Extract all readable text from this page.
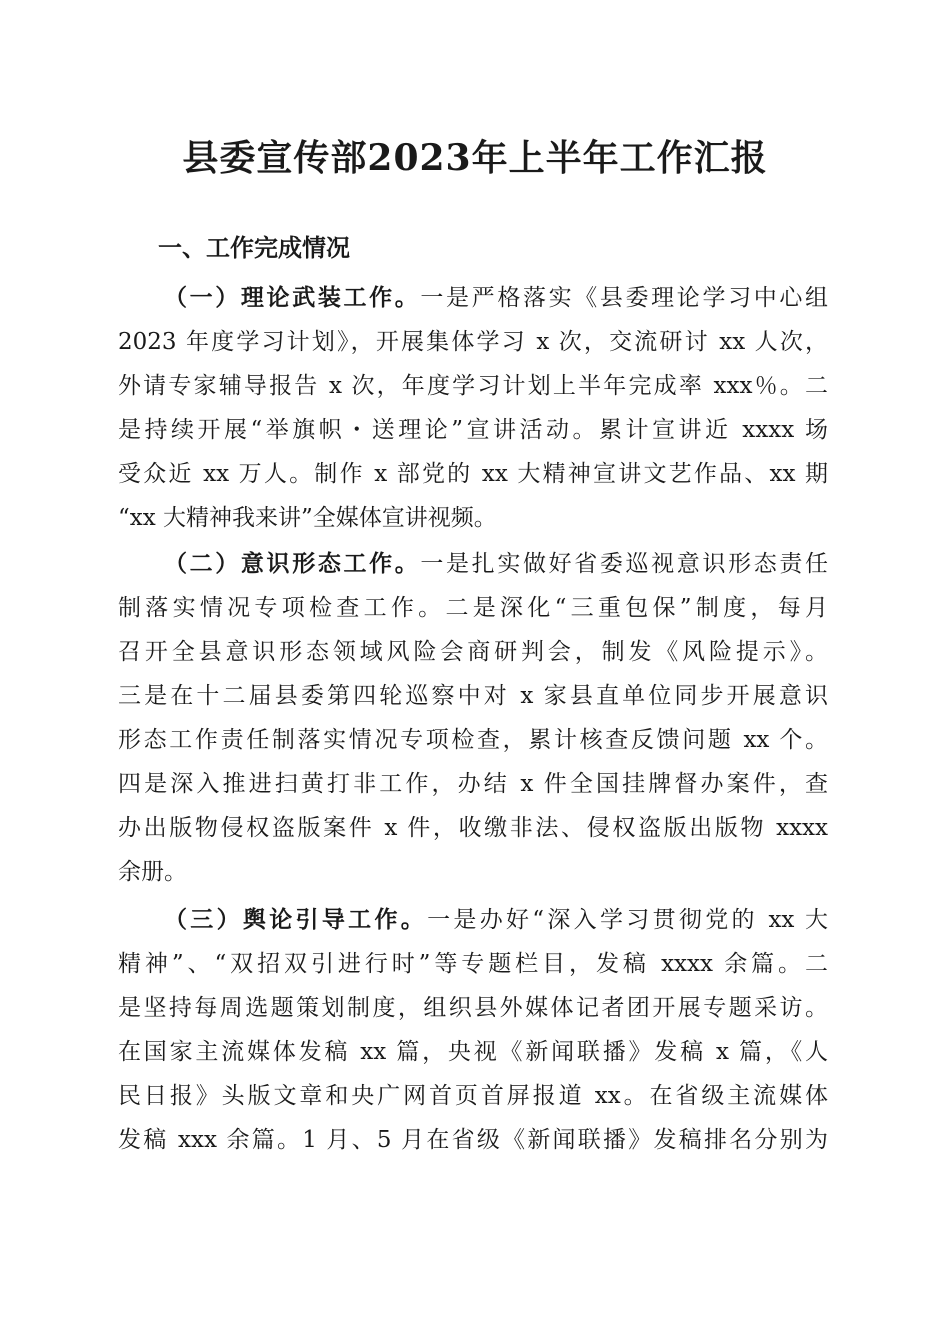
县委宣传部2023年上半年工作汇报
一、工作完成情况
（一）理论武装工作。一是严格落实《县委理论学习中心组
2023 年度学习计划》，开展集体学习 x 次，交流研讨 xx 人次，
外请专家辅导报告 x 次，年度学习计划上半年完成率 xxx％。二
是持续开展“举旗帜・送理论”宣讲活动。累计宣讲近 xxxx 场
受众近 xx 万人。制作 x 部党的 xx 大精神宣讲文艺作品、xx 期
“xx 大精神我来讲”全媒体宣讲视频。
（二）意识形态工作。一是扎实做好省委巡视意识形态责任
制落实情况专项检查工作。二是深化“三重包保”制度，每月
召开全县意识形态领域风险会商研判会，制发《风险提示》。
三是在十二届县委第四轮巡察中对 x 家县直单位同步开展意识
形态工作责任制落实情况专项检查，累计核查反馈问题 xx 个。
四是深入推进扫黄打非工作，办结 x 件全国挂牌督办案件，查
办出版物侵权盗版案件 x 件，收缴非法、侵权盗版出版物 xxxx
余册。
（三）舆论引导工作。一是办好“深入学习贯彻党的 xx 大
精神”、“双招双引进行时”等专题栏目，发稿 xxxx 余篇。二
是坚持每周选题策划制度，组织县外媒体记者团开展专题采访。
在国家主流媒体发稿 xx 篇，央视《新闻联播》发稿 x 篇，《人
民日报》头版文章和央广网首页首屏报道 xx。在省级主流媒体
发稿 xxx 余篇。1 月、5 月在省级《新闻联播》发稿排名分别为
